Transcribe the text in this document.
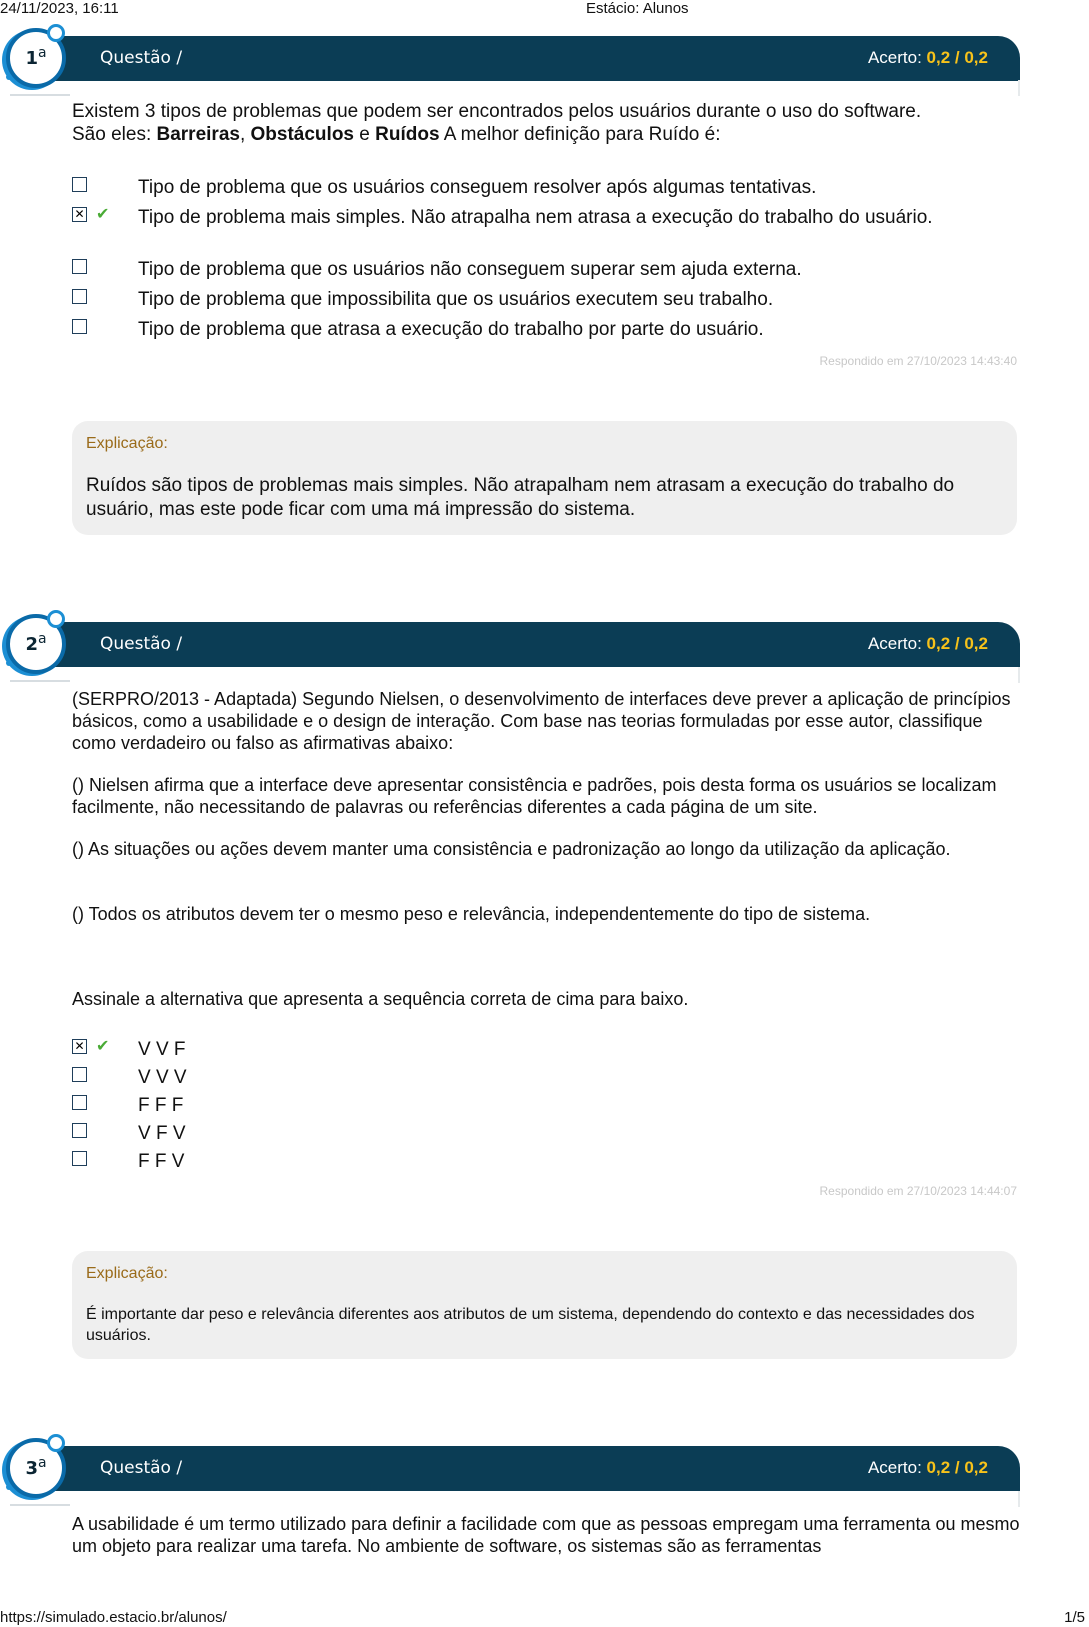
24/11/2023, 16:11	Estácio: Alunos
Questão /	Acerto: 0,2 / 0,2
1$^a$
Existem 3 tipos de problemas que podem ser encontrados pelos usuários durante o uso do software.
São eles: Barreiras, Obstáculos e Ruídos A melhor definição para Ruído é:
Tipo de problema que os usuários conseguem resolver após algumas tentativas.
✕ ✔ Tipo de problema mais simples. Não atrapalha nem atrasa a execução do trabalho do usuário.
Tipo de problema que os usuários não conseguem superar sem ajuda externa.
Tipo de problema que impossibilita que os usuários executem seu trabalho.
Tipo de problema que atrasa a execução do trabalho por parte do usuário.
Respondido em 27/10/2023 14:43:40
Explicação:
Ruídos são tipos de problemas mais simples. Não atrapalham nem atrasam a execução do trabalho do usuário, mas este pode ficar com uma má impressão do sistema.
Questão /	Acerto: 0,2 / 0,2
2$^a$
(SERPRO/2013 - Adaptada) Segundo Nielsen, o desenvolvimento de interfaces deve prever a aplicação de princípios básicos, como a usabilidade e o design de interação. Com base nas teorias formuladas por esse autor, classifique como verdadeiro ou falso as afirmativas abaixo:
() Nielsen afirma que a interface deve apresentar consistência e padrões, pois desta forma os usuários se localizam facilmente, não necessitando de palavras ou referências diferentes a cada página de um site.
() As situações ou ações devem manter uma consistência e padronização ao longo da utilização da aplicação.
() Todos os atributos devem ter o mesmo peso e relevância, independentemente do tipo de sistema.
Assinale a alternativa que apresenta a sequência correta de cima para baixo.
✕ ✔ V V F
V V V
F F F
V F V
F F V
Respondido em 27/10/2023 14:44:07
Explicação:
É importante dar peso e relevância diferentes aos atributos de um sistema, dependendo do contexto e das necessidades dos usuários.
Questão /	Acerto: 0,2 / 0,2
3$^a$
A usabilidade é um termo utilizado para definir a facilidade com que as pessoas empregam uma ferramenta ou mesmo um objeto para realizar uma tarefa. No ambiente de software, os sistemas são as ferramentas
https://simulado.estacio.br/alunos/	1/5
